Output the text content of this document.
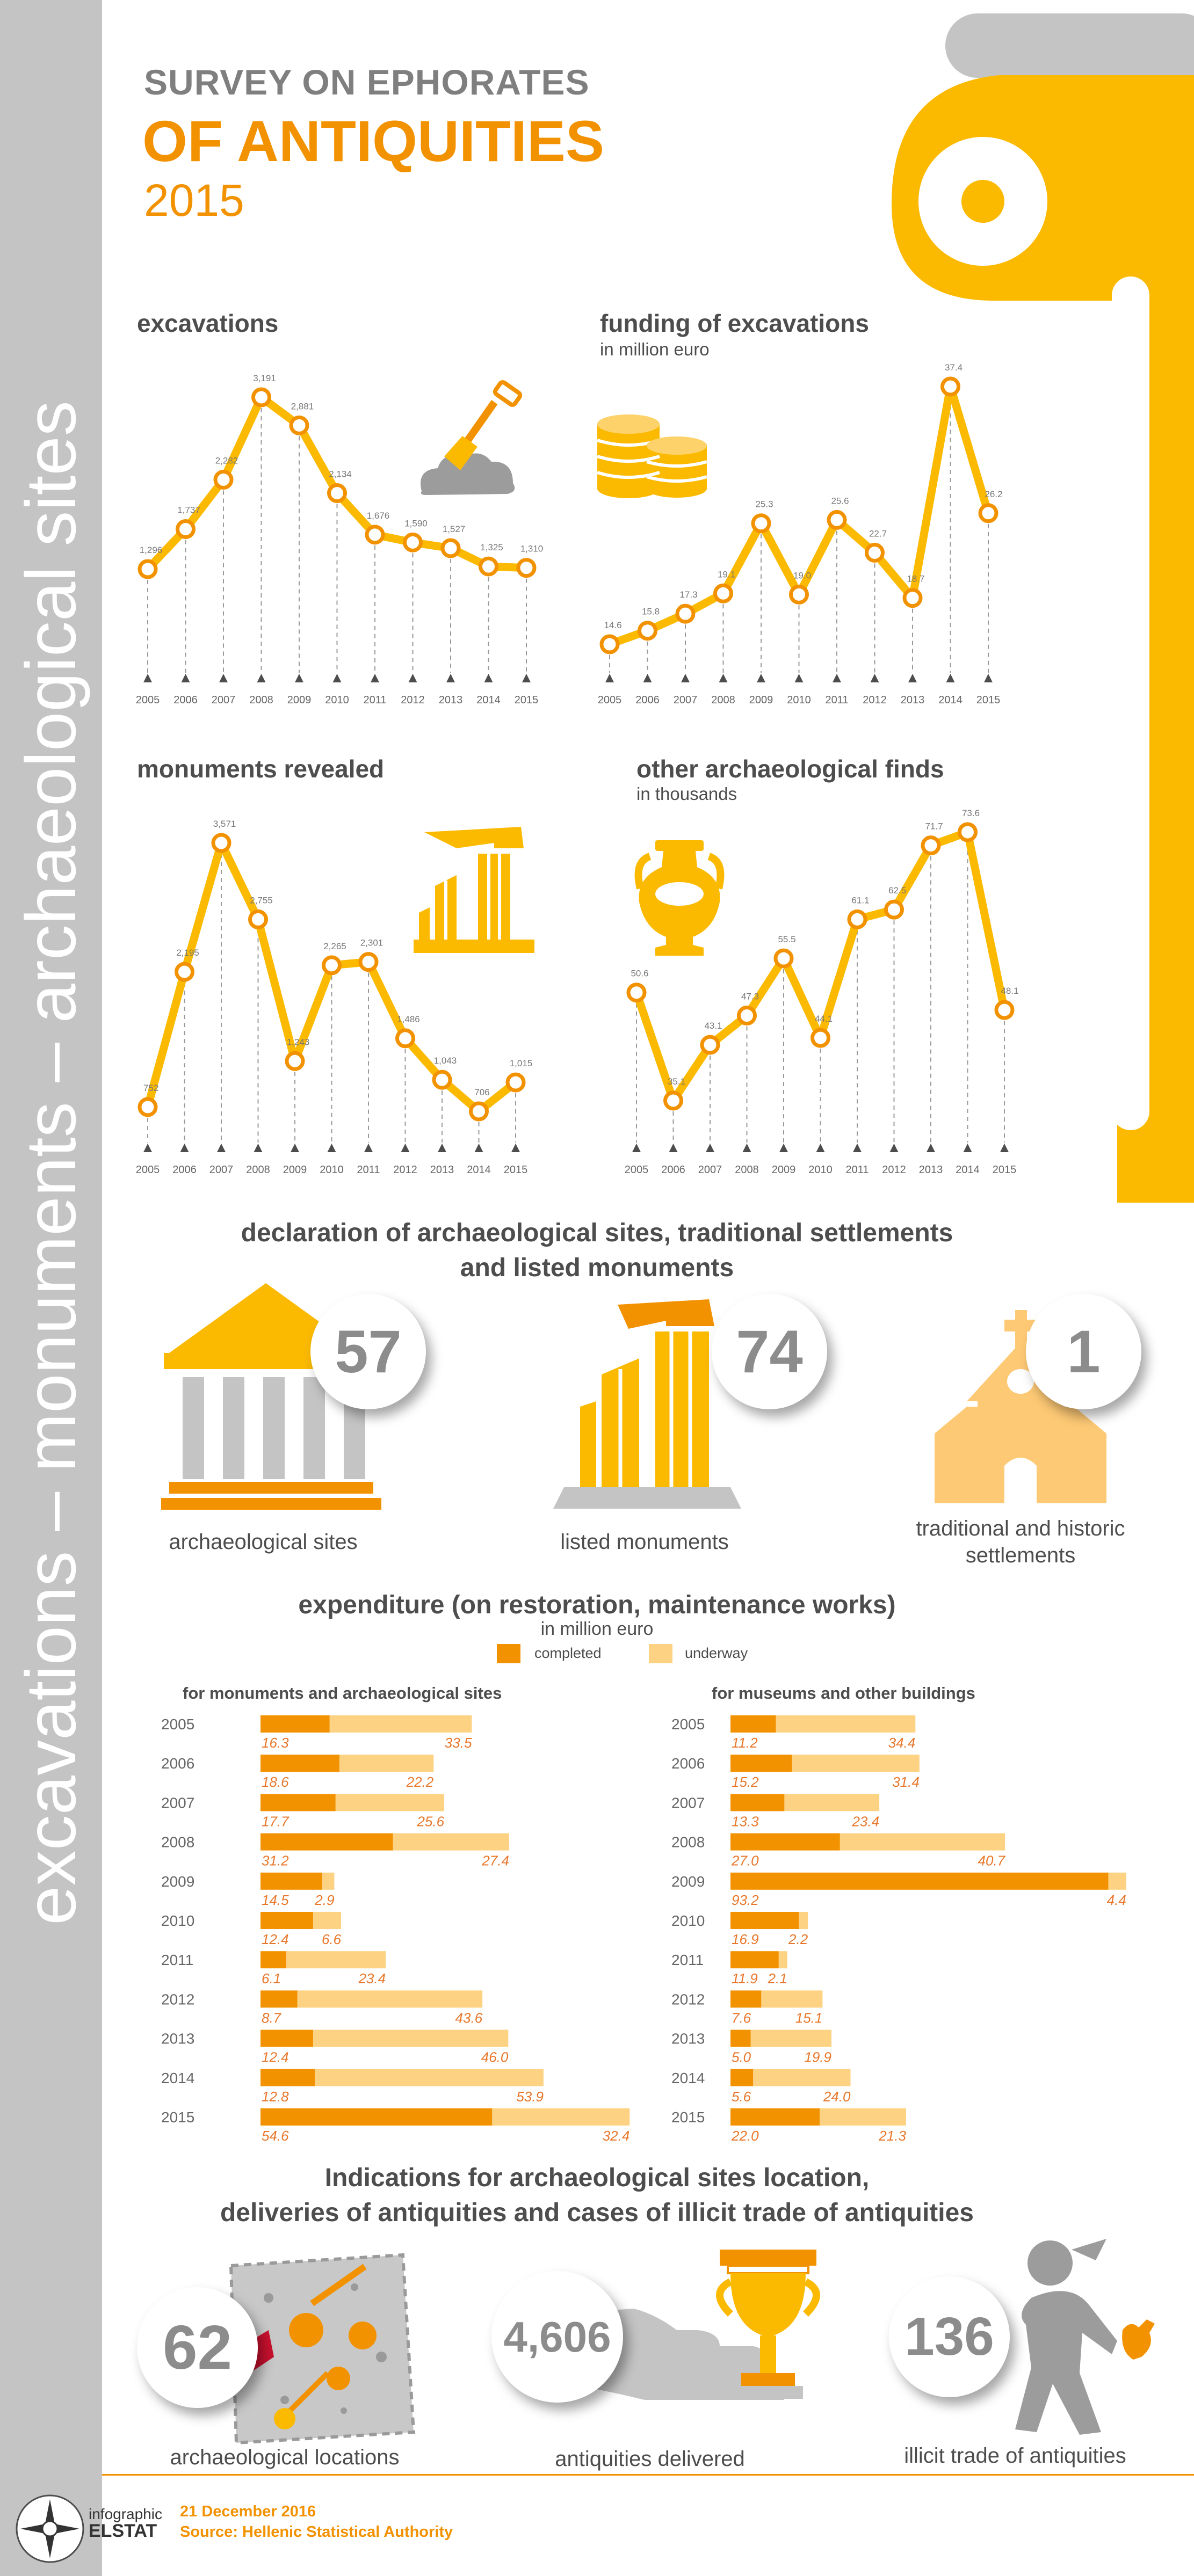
excavations – monuments – archaeological sites
SURVEY ON EPHORATES
OF ANTIQUITIES
2015
excavations	funding of excavations
in million euro
monuments revealed	other archaeological finds
in thousands
2005 2006 2007 2008 2009 2010 2011 2012 2013 2014 2015
1,296
1,737
2,282
3,191
2,881
2,134
1,676
1,590
1,527
1,325 1,310
2005 2006 2007 2008 2009 2010 2011 2012 2013 2014 2015
14.6
15.8
17.3
19.1
25.3
19.0
25.6
22.7
18.7
37.4
26.2
2005 2006 2007 2008 2009 2010 2011 2012 2013 2014 2015
752
2,195
3,571
2,755
1,243
2,265 2,301
1,486
1,043
706
1,015
2005 2006 2007 2008 2009 2010 2011 2012 2013 2014 2015
50.6
35.1
43.1
47.3
55.5
44.1
61.1
62.5
71.7
73.6
48.1
declaration of archaeological sites, traditional settlements
and listed monuments
57
archaeological sites
74
listed monuments
1
traditional and historic
settlements
expenditure (on restoration, maintenance works)
in million euro
completed	underway
for monuments and archaeological sites	for museums and other buildings
2005
16.3	33.5
2006
18.6	22.2
2007
17.7	25.6
2008
31.2	27.4
2009
14.5 2.9
2010
12.4 6.6
2011
6.1	23.4
2012
8.7	43.6
2013
12.4	46.0
2014
12.8	53.9
2015
54.6	32.4
2005
11.2	34.4
2006
15.2	31.4
2007
13.3	23.4
2008
27.0	40.7
2009
93.2	4.4
2010
16.9 2.2
2011
11.9 2.1
2012
7.6	15.1
2013
5.0	19.9
2014
5.6	24.0
2015
22.0	21.3
Indications for archaeological sites location,
deliveries of antiquities and cases of illicit trade of antiquities
62
archaeological locations
4,606
antiquities delivered
136
illicit trade of antiquities
infographic
ELSTAT
21 December 2016
Source: Hellenic Statistical Authority
